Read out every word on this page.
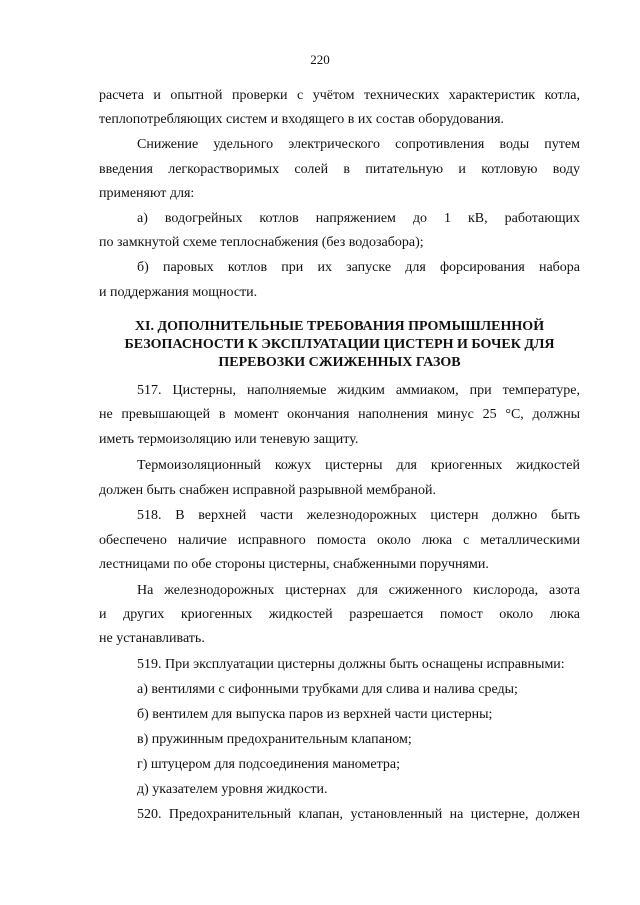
220
расчета и опытной проверки с учётом технических характеристик котла,
теплопотребляющих систем и входящего в их состав оборудования.
Снижение удельного электрического сопротивления воды путем
введения легкорастворимых солей в питательную и котловую воду
применяют для:
а) водогрейных котлов напряжением до 1 кВ, работающих
по замкнутой схеме теплоснабжения (без водозабора);
б) паровых котлов при их запуске для форсирования набора
и поддержания мощности.
XI. ДОПОЛНИТЕЛЬНЫЕ ТРЕБОВАНИЯ ПРОМЫШЛЕННОЙ
БЕЗОПАСНОСТИ К ЭКСПЛУАТАЦИИ ЦИСТЕРН И БОЧЕК ДЛЯ
ПЕРЕВОЗКИ СЖИЖЕННЫХ ГАЗОВ
517. Цистерны, наполняемые жидким аммиаком, при температуре,
не превышающей в момент окончания наполнения минус 25 °С, должны
иметь термоизоляцию или теневую защиту.
Термоизоляционный кожух цистерны для криогенных жидкостей
должен быть снабжен исправной разрывной мембраной.
518. В верхней части железнодорожных цистерн должно быть
обеспечено наличие исправного помоста около люка с металлическими
лестницами по обе стороны цистерны, снабженными поручнями.
На железнодорожных цистернах для сжиженного кислорода, азота
и других криогенных жидкостей разрешается помост около люка
не устанавливать.
519. При эксплуатации цистерны должны быть оснащены исправными:
а) вентилями с сифонными трубками для слива и налива среды;
б) вентилем для выпуска паров из верхней части цистерны;
в) пружинным предохранительным клапаном;
г) штуцером для подсоединения манометра;
д) указателем уровня жидкости.
520. Предохранительный клапан, установленный на цистерне, должен
